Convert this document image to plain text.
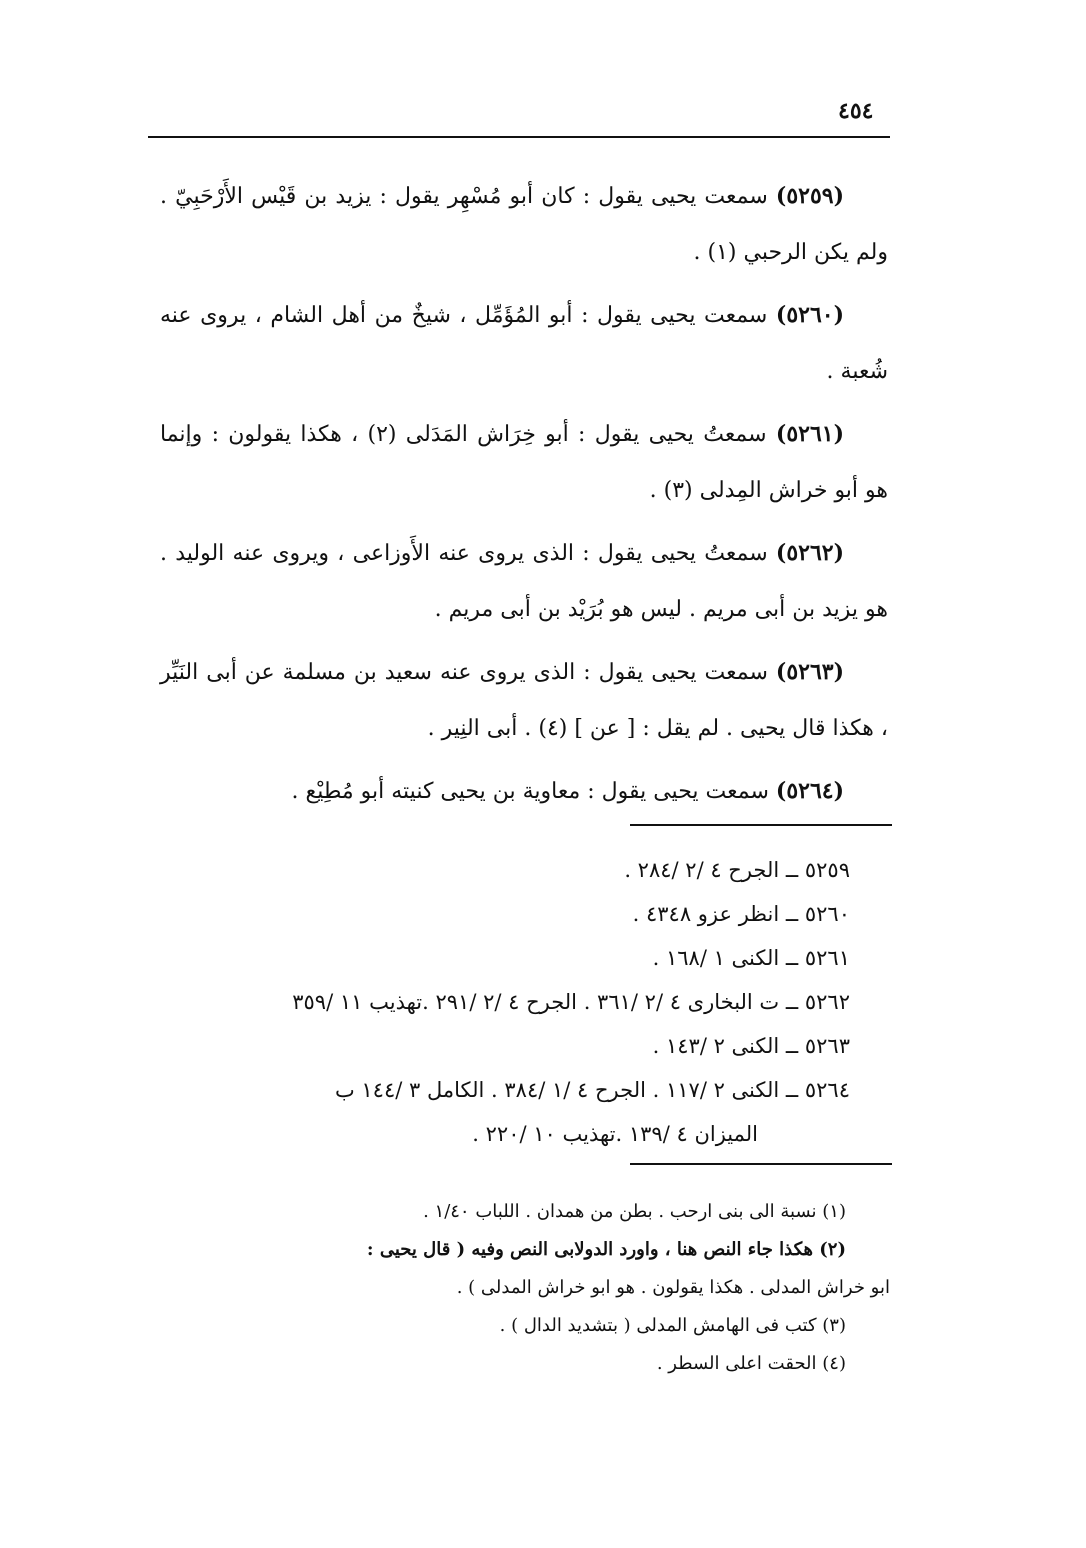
٤٥٤

(٥٢٥٩) سمعت يحيى يقول : كان أبو مُسْهِر يقول : يزيد بن قَيْس الأَرْحَبِيّ . ولم يكن الرحبي (١) .

(٥٢٦٠) سمعت يحيى يقول : أبو المُؤَمِّل ، شيخٌ من أهل الشام ، يروى عنه شُعبة .

(٥٢٦١) سمعتُ يحيى يقول : أبو خِرَاش المَدَلى (٢) ، هكذا يقولون : وإنما هو أبو خراش المِدلى (٣) .

(٥٢٦٢) سمعتُ يحيى يقول : الذى يروى عنه الأَوزاعى ، ويروى عنه الوليد . هو يزيد بن أبى مريم . ليس هو بُرَيْد بن أبى مريم .

(٥٢٦٣) سمعت يحيى يقول : الذى يروى عنه سعيد بن مسلمة عن أبى النَيِّر ، هكذا قال يحيى . لم يقل : [ عن ] (٤) . أبى النِير .

(٥٢٦٤) سمعت يحيى يقول : معاوية بن يحيى كنيته أبو مُطِيْع .

٥٢٥٩ ــ الجرح ٤ /٢ /٢٨٤ .
٥٢٦٠ ــ انظر عزو ٤٣٤٨ .
٥٢٦١ ــ الكنى ١ /١٦٨ .
٥٢٦٢ ــ ت البخارى ٤ /٢ /٣٦١ . الجرح ٤ /٢ /٢٩١ .تهذيب ١١ /٣٥٩
٥٢٦٣ ــ الكنى ٢ /١٤٣ .
٥٢٦٤ ــ الكنى ٢ /١١٧ . الجرح ٤ /١ /٣٨٤ . الكامل ٣ /١٤٤ ب
الميزان ٤ /١٣٩ .تهذيب ١٠ /٢٢٠ .

(١) نسبة الى بنى ارحب . بطن من همدان . اللباب ١/٤٠ .

(٢) هكذا جاء النص هنا ، واورد الدولابى النص وفيه ( قال يحيى :

ابو خراش المدلى . هكذا يقولون . هو ابو خراش المدلى ) .

(٣) كتب فى الهامش المدلى ( بتشديد الدال ) .

(٤) الحقت اعلى السطر .
